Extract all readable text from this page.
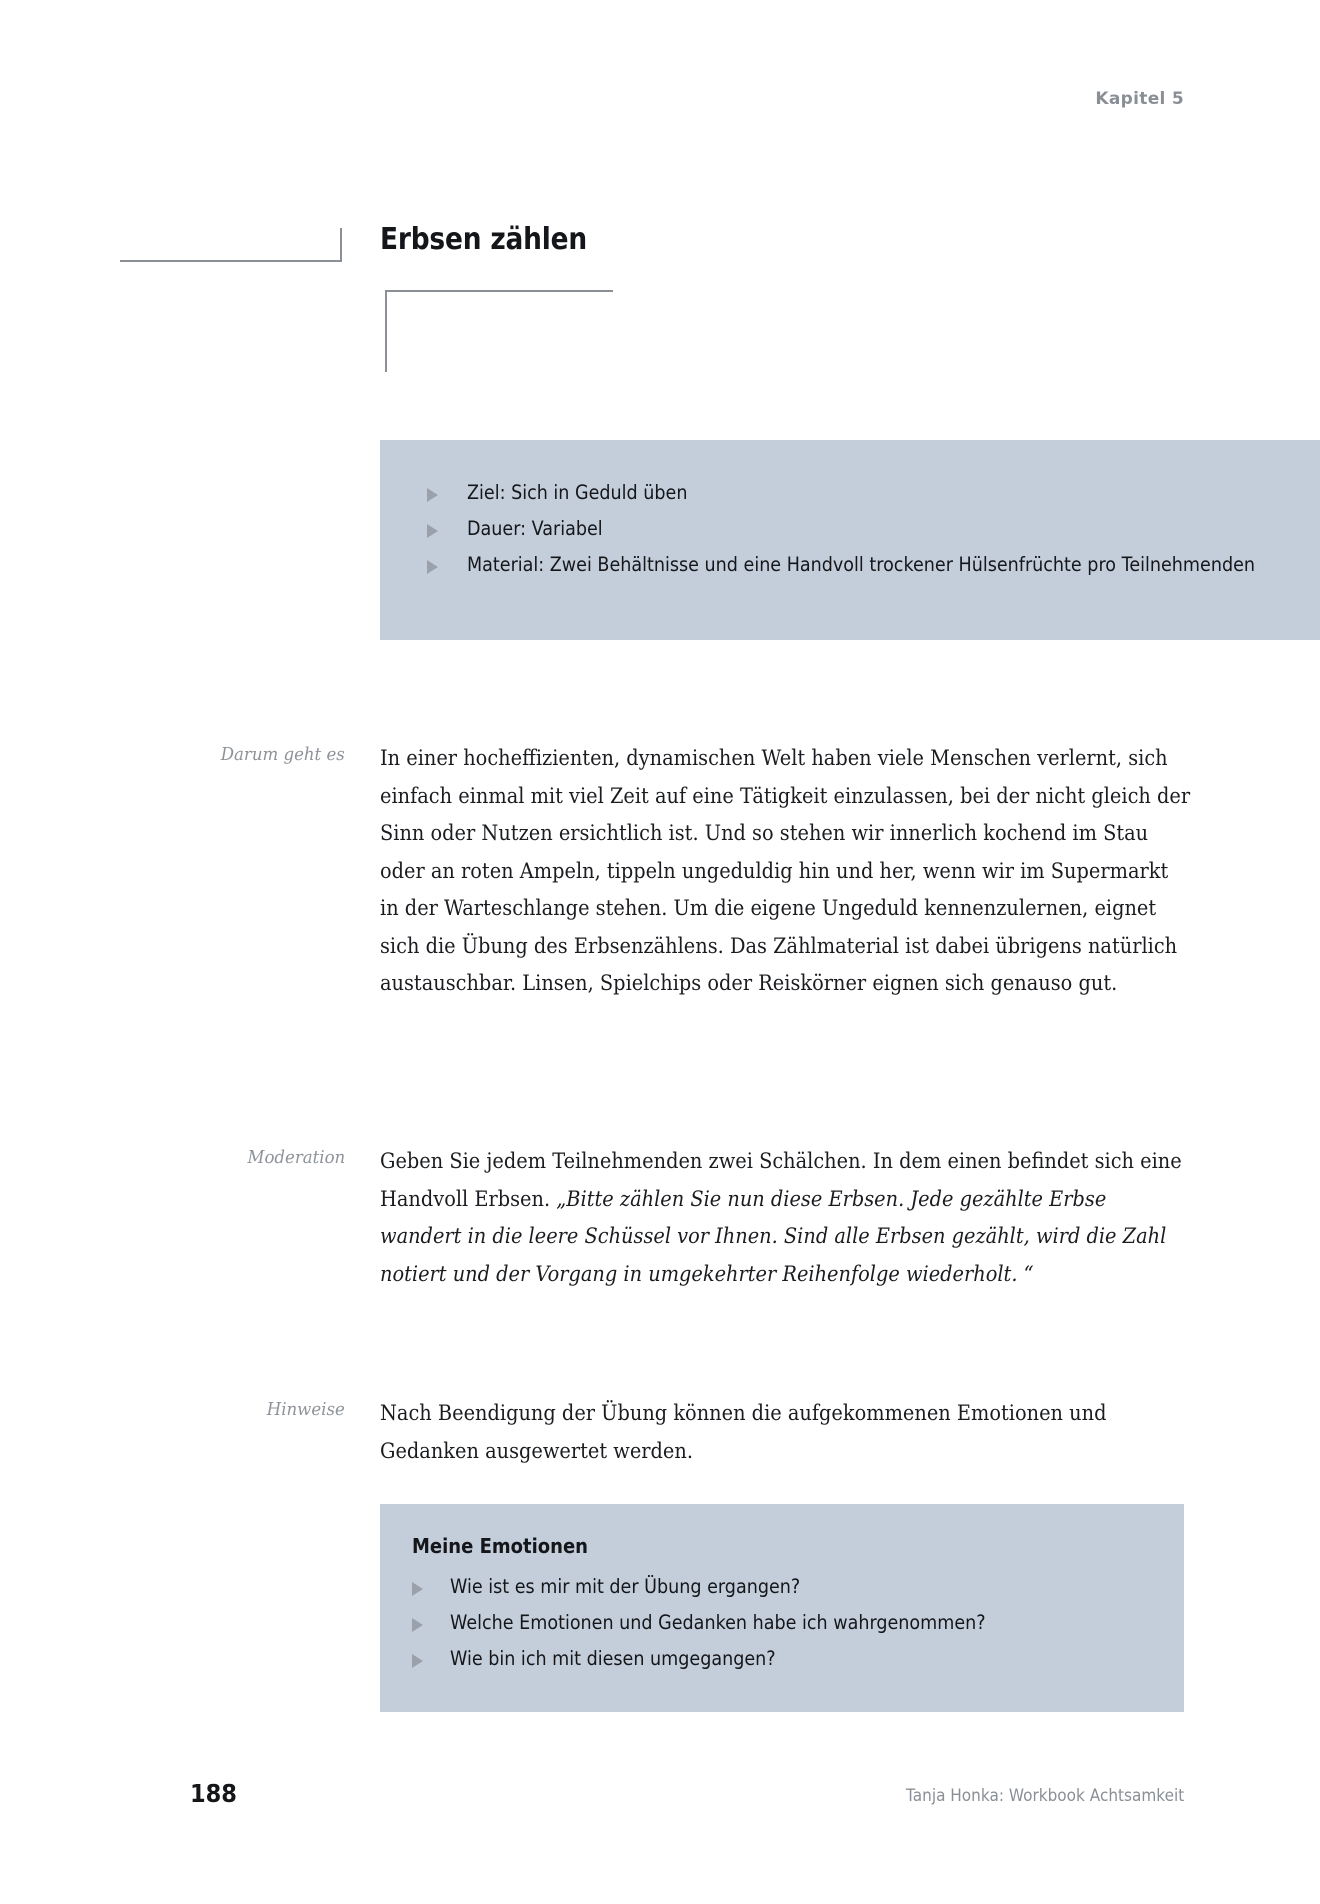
Kapitel 5
Erbsen zählen
Ziel: Sich in Geduld üben
Dauer: Variabel
Material: Zwei Behältnisse und eine Handvoll trockener Hülsenfrüchte pro Teilnehmenden
Darum geht es In einer hocheffizienten, dynamischen Welt haben viele Menschen verlernt, sich einfach einmal mit viel Zeit auf eine Tätigkeit einzulassen, bei der nicht gleich der Sinn oder Nutzen ersichtlich ist. Und so stehen wir innerlich kochend im Stau oder an roten Ampeln, tippeln ungeduldig hin und her, wenn wir im Supermarkt in der Warteschlange stehen. Um die eigene Ungeduld kennenzulernen, eignet sich die Übung des Erbsenzählens. Das Zählmaterial ist dabei übrigens natürlich austauschbar. Linsen, Spielchips oder Reiskörner eignen sich genauso gut.
Moderation Geben Sie jedem Teilnehmenden zwei Schälchen. In dem einen befindet sich eine Handvoll Erbsen. „Bitte zählen Sie nun diese Erbsen. Jede gezählte Erbse wandert in die leere Schüssel vor Ihnen. Sind alle Erbsen gezählt, wird die Zahl notiert und der Vorgang in umgekehrter Reihenfolge wiederholt. “
Hinweise Nach Beendigung der Übung können die aufgekommenen Emotionen und Gedanken ausgewertet werden.
Meine Emotionen
Wie ist es mir mit der Übung ergangen?
Welche Emotionen und Gedanken habe ich wahrgenommen?
Wie bin ich mit diesen umgegangen?
188	Tanja Honka: Workbook Achtsamkeit
